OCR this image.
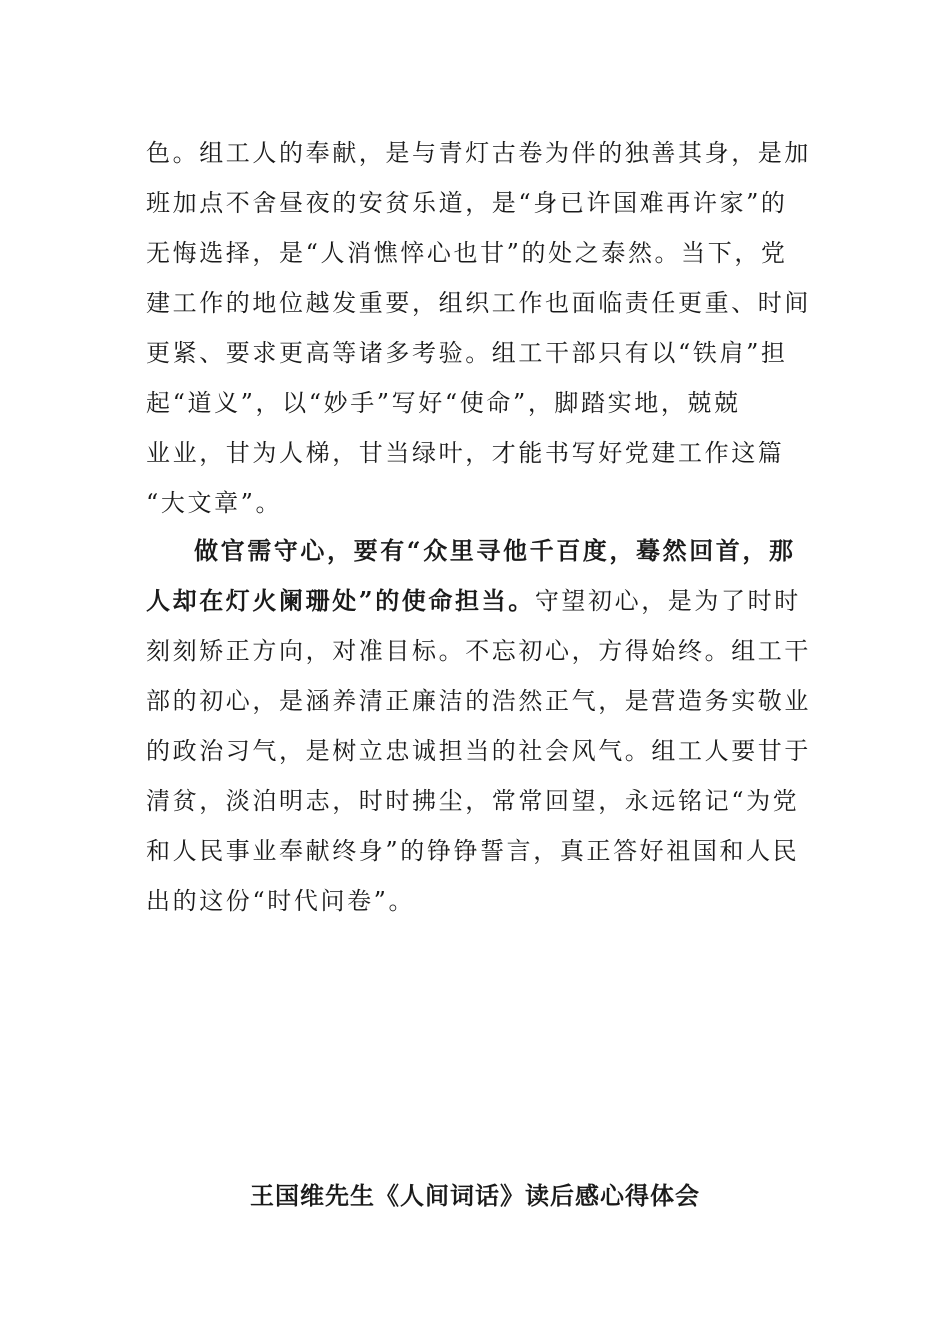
色。组工人的奉献，是与青灯古卷为伴的独善其身，是加
班加点不舍昼夜的安贫乐道，是“身已许国难再许家”的
无悔选择，是“人消憔悴心也甘”的处之泰然。当下，党
建工作的地位越发重要，组织工作也面临责任更重、时间
更紧、要求更高等诸多考验。组工干部只有以“铁肩”担
起“道义”，以“妙手”写好“使命”，脚踏实地，兢兢
业业，甘为人梯，甘当绿叶，才能书写好党建工作这篇
“大文章”。
做官需守心，要有“众里寻他千百度，蓦然回首，那
人却在灯火阑珊处”的使命担当。守望初心，是为了时时
刻刻矫正方向，对准目标。不忘初心，方得始终。组工干
部的初心，是涵养清正廉洁的浩然正气，是营造务实敬业
的政治习气，是树立忠诚担当的社会风气。组工人要甘于
清贫，淡泊明志，时时拂尘，常常回望，永远铭记“为党
和人民事业奉献终身”的铮铮誓言，真正答好祖国和人民
出的这份“时代问卷”。
王国维先生《人间词话》读后感心得体会
